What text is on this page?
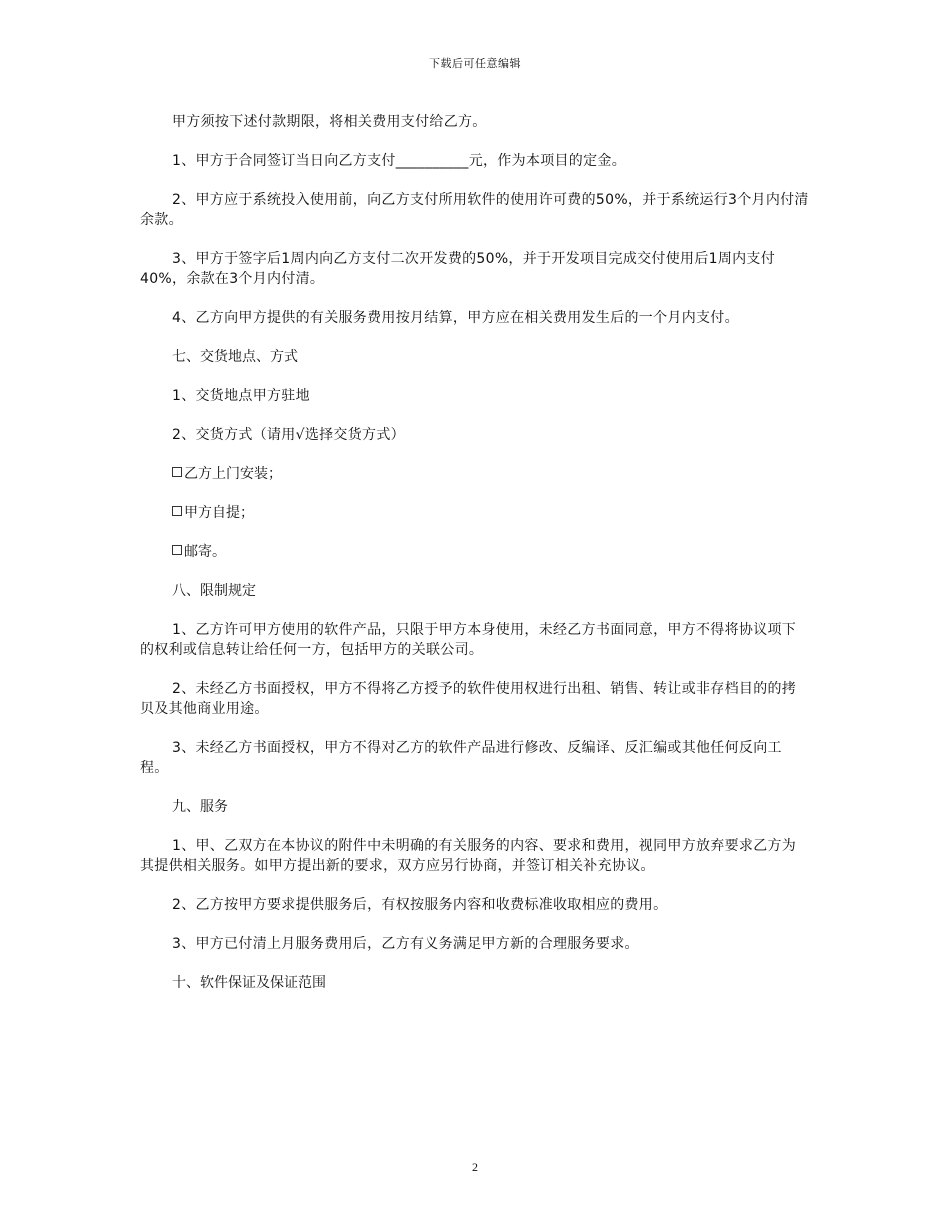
下载后可任意编辑

甲方须按下述付款期限，将相关费用支付给乙方。

1、甲方于合同签订当日向乙方支付__________元，作为本项目的定金。

2、甲方应于系统投入使用前，向乙方支付所用软件的使用许可费的50%，并于系统运行3个月内付清余款。

3、甲方于签字后1周内向乙方支付二次开发费的50%，并于开发项目完成交付使用后1周内支付40%，余款在3个月内付清。

4、乙方向甲方提供的有关服务费用按月结算，甲方应在相关费用发生后的一个月内支付。

七、交货地点、方式

1、交货地点甲方驻地

2、交货方式（请用√选择交货方式）

乙方上门安装；

甲方自提；

邮寄。

八、限制规定

1、乙方许可甲方使用的软件产品，只限于甲方本身使用，未经乙方书面同意，甲方不得将协议项下的权利或信息转让给任何一方，包括甲方的关联公司。

2、未经乙方书面授权，甲方不得将乙方授予的软件使用权进行出租、销售、转让或非存档目的的拷贝及其他商业用途。

3、未经乙方书面授权，甲方不得对乙方的软件产品进行修改、反编译、反汇编或其他任何反向工程。

九、服务

1、甲、乙双方在本协议的附件中未明确的有关服务的内容、要求和费用，视同甲方放弃要求乙方为其提供相关服务。如甲方提出新的要求，双方应另行协商，并签订相关补充协议。

2、乙方按甲方要求提供服务后，有权按服务内容和收费标准收取相应的费用。

3、甲方已付清上月服务费用后，乙方有义务满足甲方新的合理服务要求。

十、软件保证及保证范围

2
